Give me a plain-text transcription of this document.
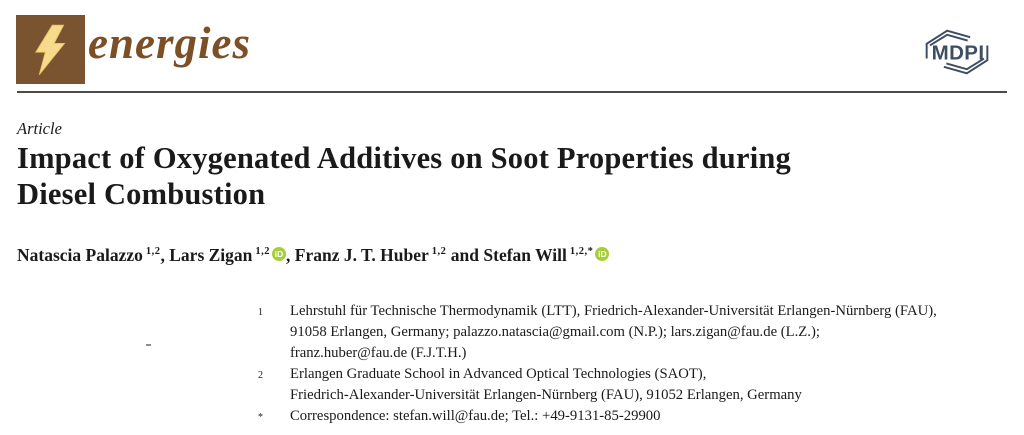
energies	MDPI
Article
Impact of Oxygenated Additives on Soot Properties during
Diesel Combustion
Natascia Palazzo $^{1,2}$, Lars Zigan $^{1,2}$ iD , Franz J. T. Huber $^{1,2}$ and Stefan Will $^{1,2,*}$ iD
1	Lehrstuhl für Technische Thermodynamik (LTT), Friedrich-Alexander-Universität Erlangen-Nürnberg (FAU),
91058 Erlangen, Germany; palazzo.natascia@gmail.com (N.P.); lars.zigan@fau.de (L.Z.);
franz.huber@fau.de (F.J.T.H.)
2	Erlangen Graduate School in Advanced Optical Technologies (SAOT),
Friedrich-Alexander-Universität Erlangen-Nürnberg (FAU), 91052 Erlangen, Germany
*	Correspondence: stefan.will@fau.de; Tel.: +49-9131-85-29900
